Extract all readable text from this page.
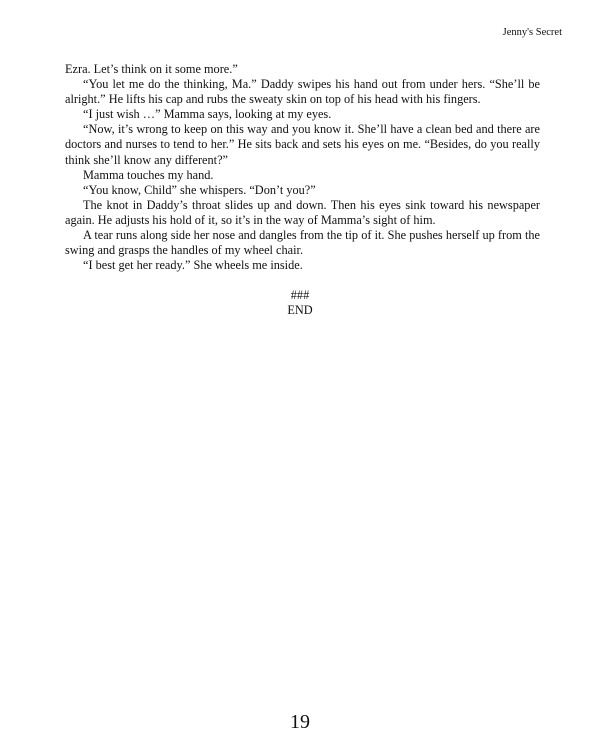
Jenny's Secret

Ezra. Let’s think on it some more.”

“You let me do the thinking, Ma.” Daddy swipes his hand out from under hers. “She’ll be alright.” He lifts his cap and rubs the sweaty skin on top of his head with his fingers.

“I just wish …” Mamma says, looking at my eyes.

“Now, it’s wrong to keep on this way and you know it. She’ll have a clean bed and there are doctors and nurses to tend to her.” He sits back and sets his eyes on me. “Besides, do you really think she’ll know any different?”

Mamma touches my hand.

“You know, Child” she whispers. “Don’t you?”

The knot in Daddy’s throat slides up and down. Then his eyes sink toward his newspaper again. He adjusts his hold of it, so it’s in the way of Mamma’s sight of him.

A tear runs along side her nose and dangles from the tip of it. She pushes herself up from the swing and grasps the handles of my wheel chair.

“I best get her ready.” She wheels me inside.

###
END
19
